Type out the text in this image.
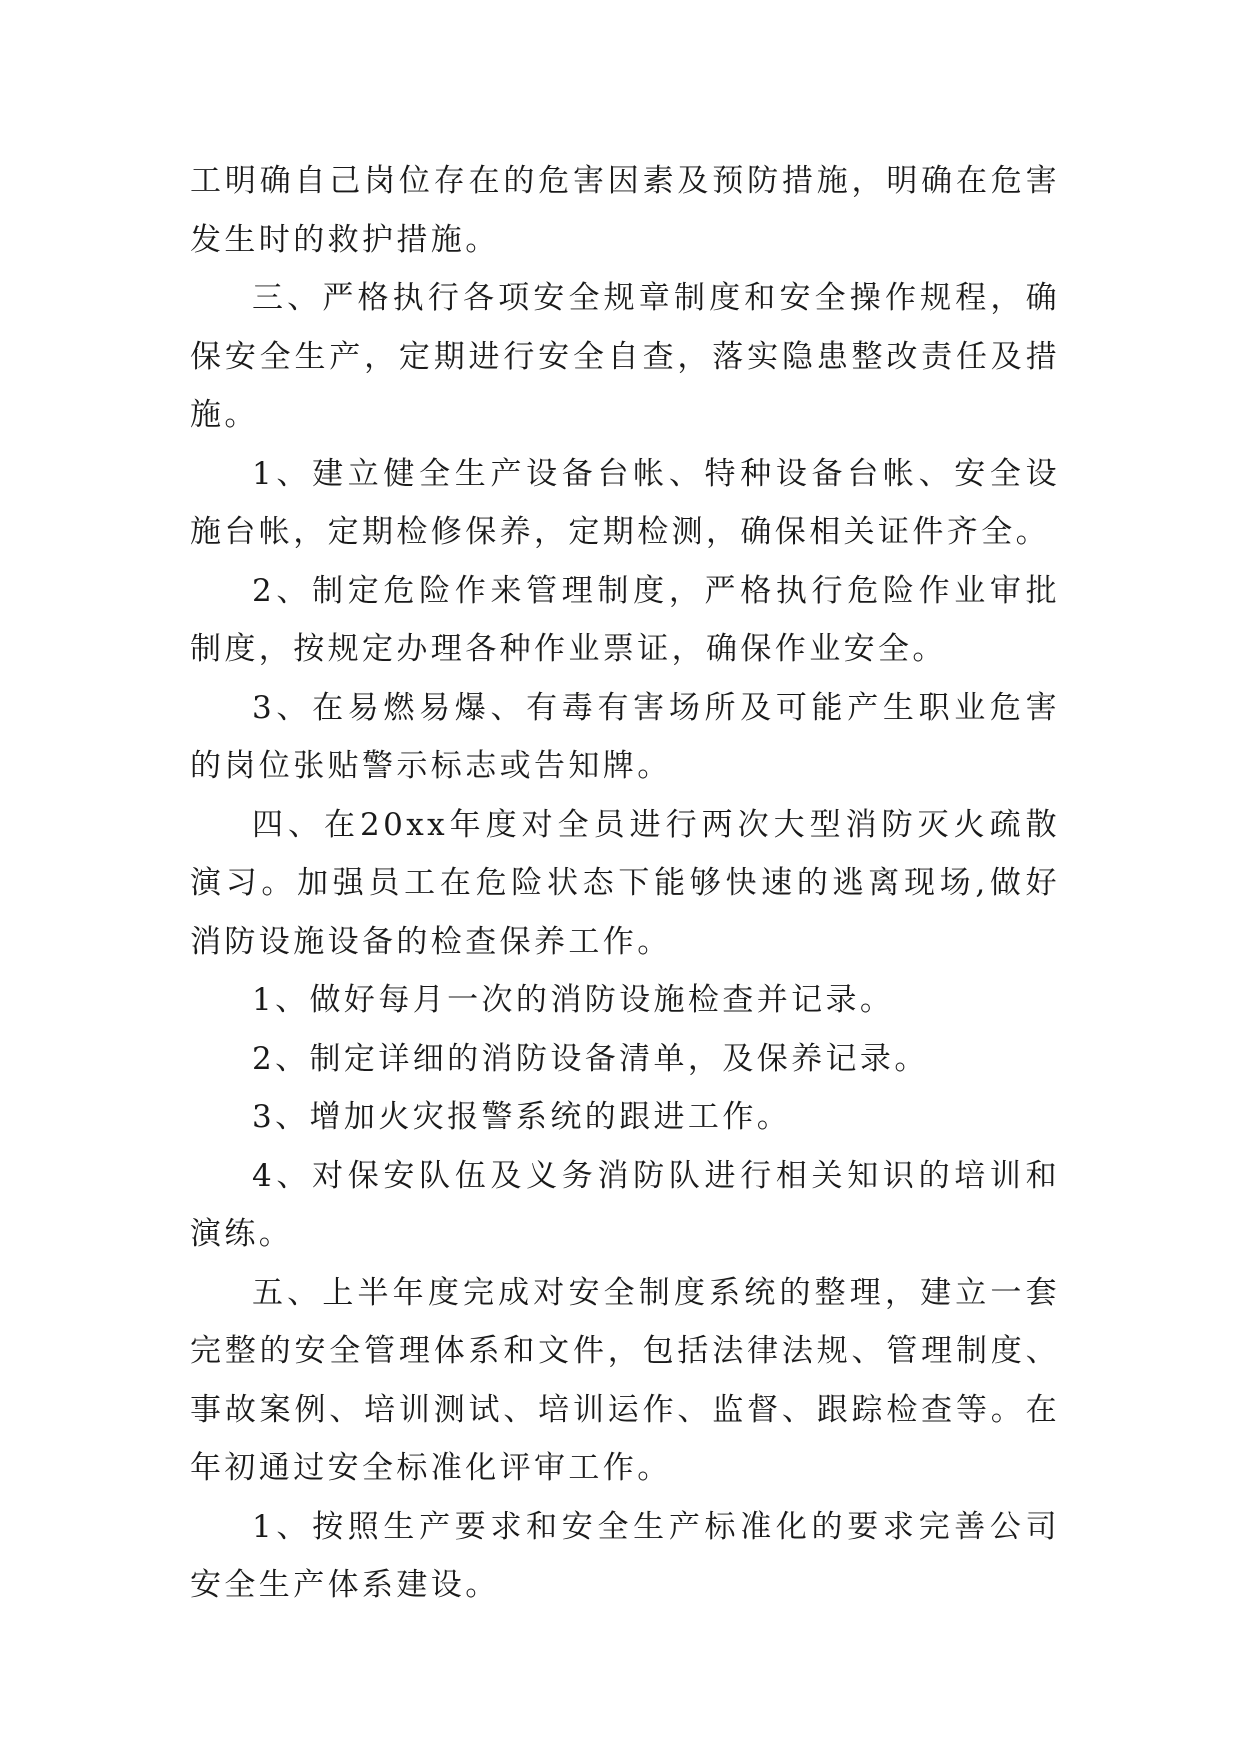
工明确自己岗位存在的危害因素及预防措施，明确在危害发生时的救护措施。

三、严格执行各项安全规章制度和安全操作规程，确保安全生产，定期进行安全自查，落实隐患整改责任及措施。

1、建立健全生产设备台帐、特种设备台帐、安全设施台帐，定期检修保养，定期检测，确保相关证件齐全。

2、制定危险作来管理制度，严格执行危险作业审批制度，按规定办理各种作业票证，确保作业安全。

3、在易燃易爆、有毒有害场所及可能产生职业危害的岗位张贴警示标志或告知牌。

四、在20xx年度对全员进行两次大型消防灭火疏散演习。加强员工在危险状态下能够快速的逃离现场,做好消防设施设备的检查保养工作。

1、做好每月一次的消防设施检查并记录。

2、制定详细的消防设备清单，及保养记录。

3、增加火灾报警系统的跟进工作。

4、对保安队伍及义务消防队进行相关知识的培训和演练。

五、上半年度完成对安全制度系统的整理，建立一套完整的安全管理体系和文件，包括法律法规、管理制度、事故案例、培训测试、培训运作、监督、跟踪检查等。在年初通过安全标准化评审工作。

1、按照生产要求和安全生产标准化的要求完善公司安全生产体系建设。
